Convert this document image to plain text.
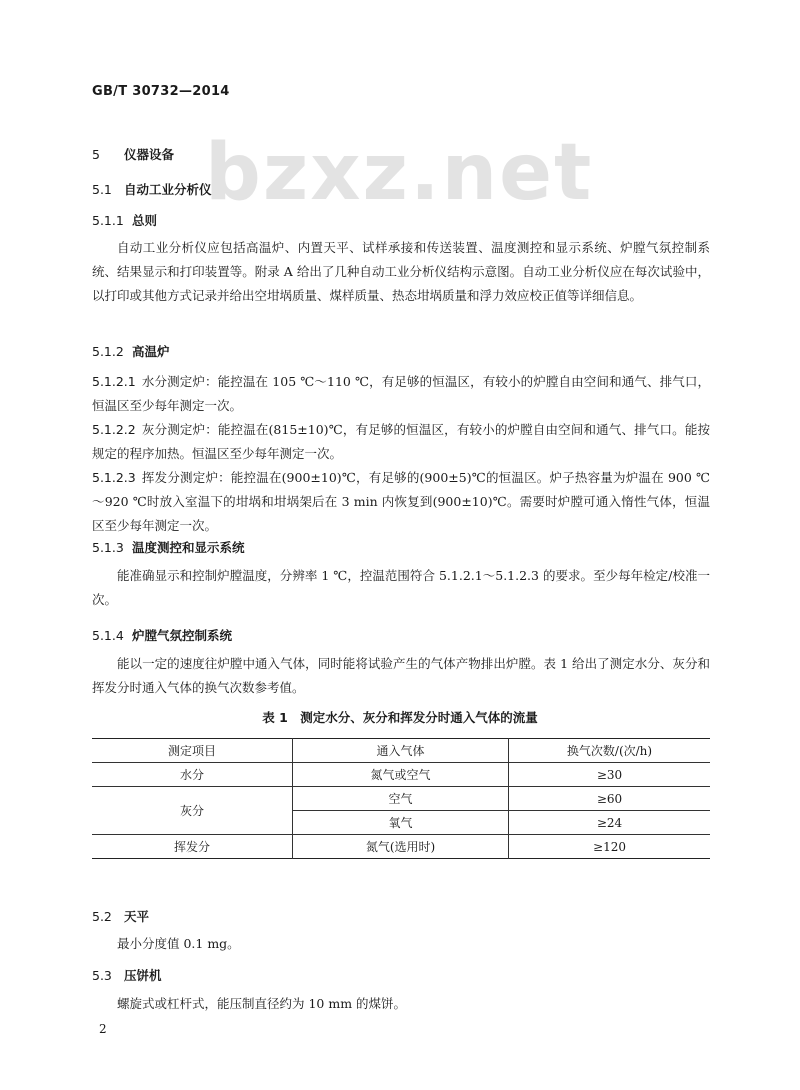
GB/T 30732—2014
bzxz.net
5 仪器设备
5.1 自动工业分析仪
5.1.1 总则
自动工业分析仪应包括高温炉、内置天平、试样承接和传送装置、温度测控和显示系统、炉膛气氛控制系统、结果显示和打印装置等。附录 A 给出了几种自动工业分析仪结构示意图。自动工业分析仪应在每次试验中，以打印或其他方式记录并给出空坩埚质量、煤样质量、热态坩埚质量和浮力效应校正值等详细信息。
5.1.2 高温炉
5.1.2.1 水分测定炉：能控温在 105 ℃～110 ℃，有足够的恒温区，有较小的炉膛自由空间和通气、排气口，恒温区至少每年测定一次。
5.1.2.2 灰分测定炉：能控温在(815±10)℃，有足够的恒温区，有较小的炉膛自由空间和通气、排气口。能按规定的程序加热。恒温区至少每年测定一次。
5.1.2.3 挥发分测定炉：能控温在(900±10)℃，有足够的(900±5)℃的恒温区。炉子热容量为炉温在 900 ℃～920 ℃时放入室温下的坩埚和坩埚架后在 3 min 内恢复到(900±10)℃。需要时炉膛可通入惰性气体，恒温区至少每年测定一次。
5.1.3 温度测控和显示系统
能准确显示和控制炉膛温度，分辨率 1 ℃，控温范围符合 5.1.2.1～5.1.2.3 的要求。至少每年检定/校准一次。
5.1.4 炉膛气氛控制系统
能以一定的速度往炉膛中通入气体，同时能将试验产生的气体产物排出炉膛。表 1 给出了测定水分、灰分和挥发分时通入气体的换气次数参考值。
表 1　测定水分、灰分和挥发分时通入气体的流量
测定项目	通入气体	换气次数/(次/h)
水分	氮气或空气	≥30
灰分	空气	≥60
	氧气	≥24
挥发分	氮气(选用时)	≥120
5.2 天平
最小分度值 0.1 mg。
5.3 压饼机
螺旋式或杠杆式，能压制直径约为 10 mm 的煤饼。
2
